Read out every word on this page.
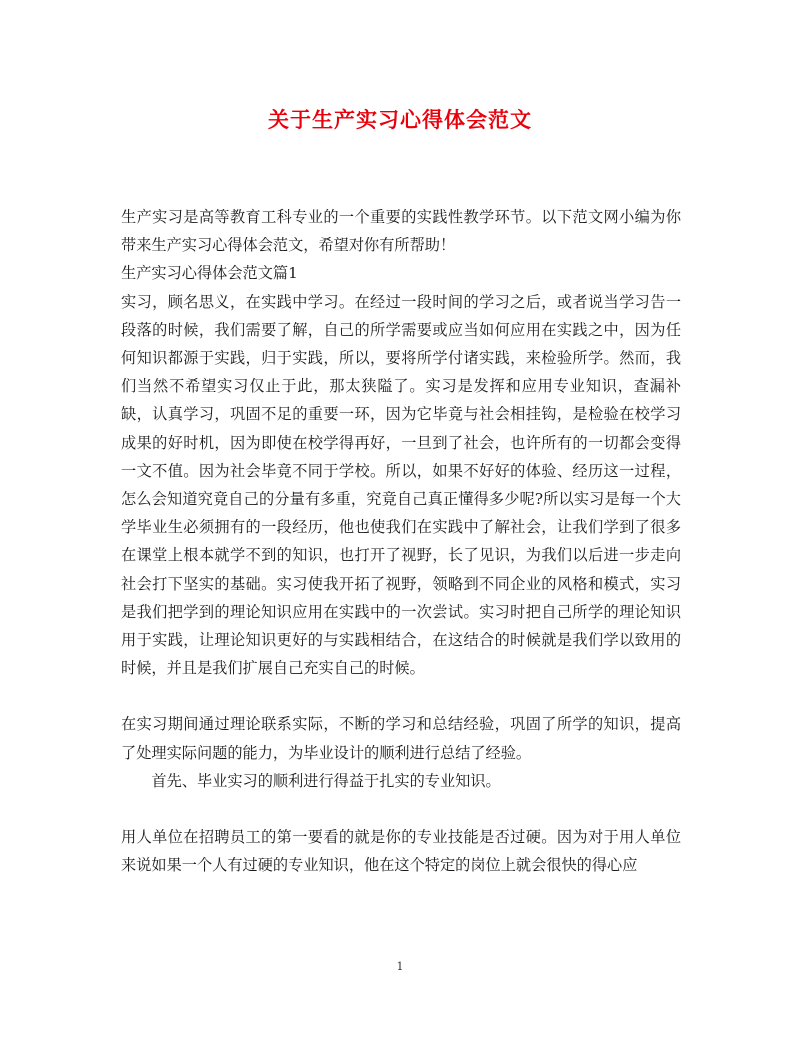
关于生产实习心得体会范文

生产实习是高等教育工科专业的一个重要的实践性教学环节。以下范文网小编为你带来生产实习心得体会范文，希望对你有所帮助！

生产实习心得体会范文篇1

实习，顾名思义，在实践中学习。在经过一段时间的学习之后，或者说当学习告一段落的时候，我们需要了解，自己的所学需要或应当如何应用在实践之中，因为任何知识都源于实践，归于实践，所以，要将所学付诸实践，来检验所学。然而，我们当然不希望实习仅止于此，那太狭隘了。实习是发挥和应用专业知识，查漏补缺，认真学习，巩固不足的重要一环，因为它毕竟与社会相挂钩，是检验在校学习成果的好时机，因为即使在校学得再好，一旦到了社会，也许所有的一切都会变得一文不值。因为社会毕竟不同于学校。所以，如果不好好的体验、经历这一过程，怎么会知道究竟自己的分量有多重，究竟自己真正懂得多少呢?所以实习是每一个大学毕业生必须拥有的一段经历，他也使我们在实践中了解社会，让我们学到了很多在课堂上根本就学不到的知识，也打开了视野，长了见识，为我们以后进一步走向社会打下坚实的基础。实习使我开拓了视野，领略到不同企业的风格和模式，实习是我们把学到的理论知识应用在实践中的一次尝试。实习时把自己所学的理论知识用于实践，让理论知识更好的与实践相结合，在这结合的时候就是我们学以致用的时候，并且是我们扩展自己充实自己的时候。

在实习期间通过理论联系实际，不断的学习和总结经验，巩固了所学的知识，提高了处理实际问题的能力，为毕业设计的顺利进行总结了经验。

首先、毕业实习的顺利进行得益于扎实的专业知识。

用人单位在招聘员工的第一要看的就是你的专业技能是否过硬。因为对于用人单位来说如果一个人有过硬的专业知识，他在这个特定的岗位上就会很快的得心应

1
